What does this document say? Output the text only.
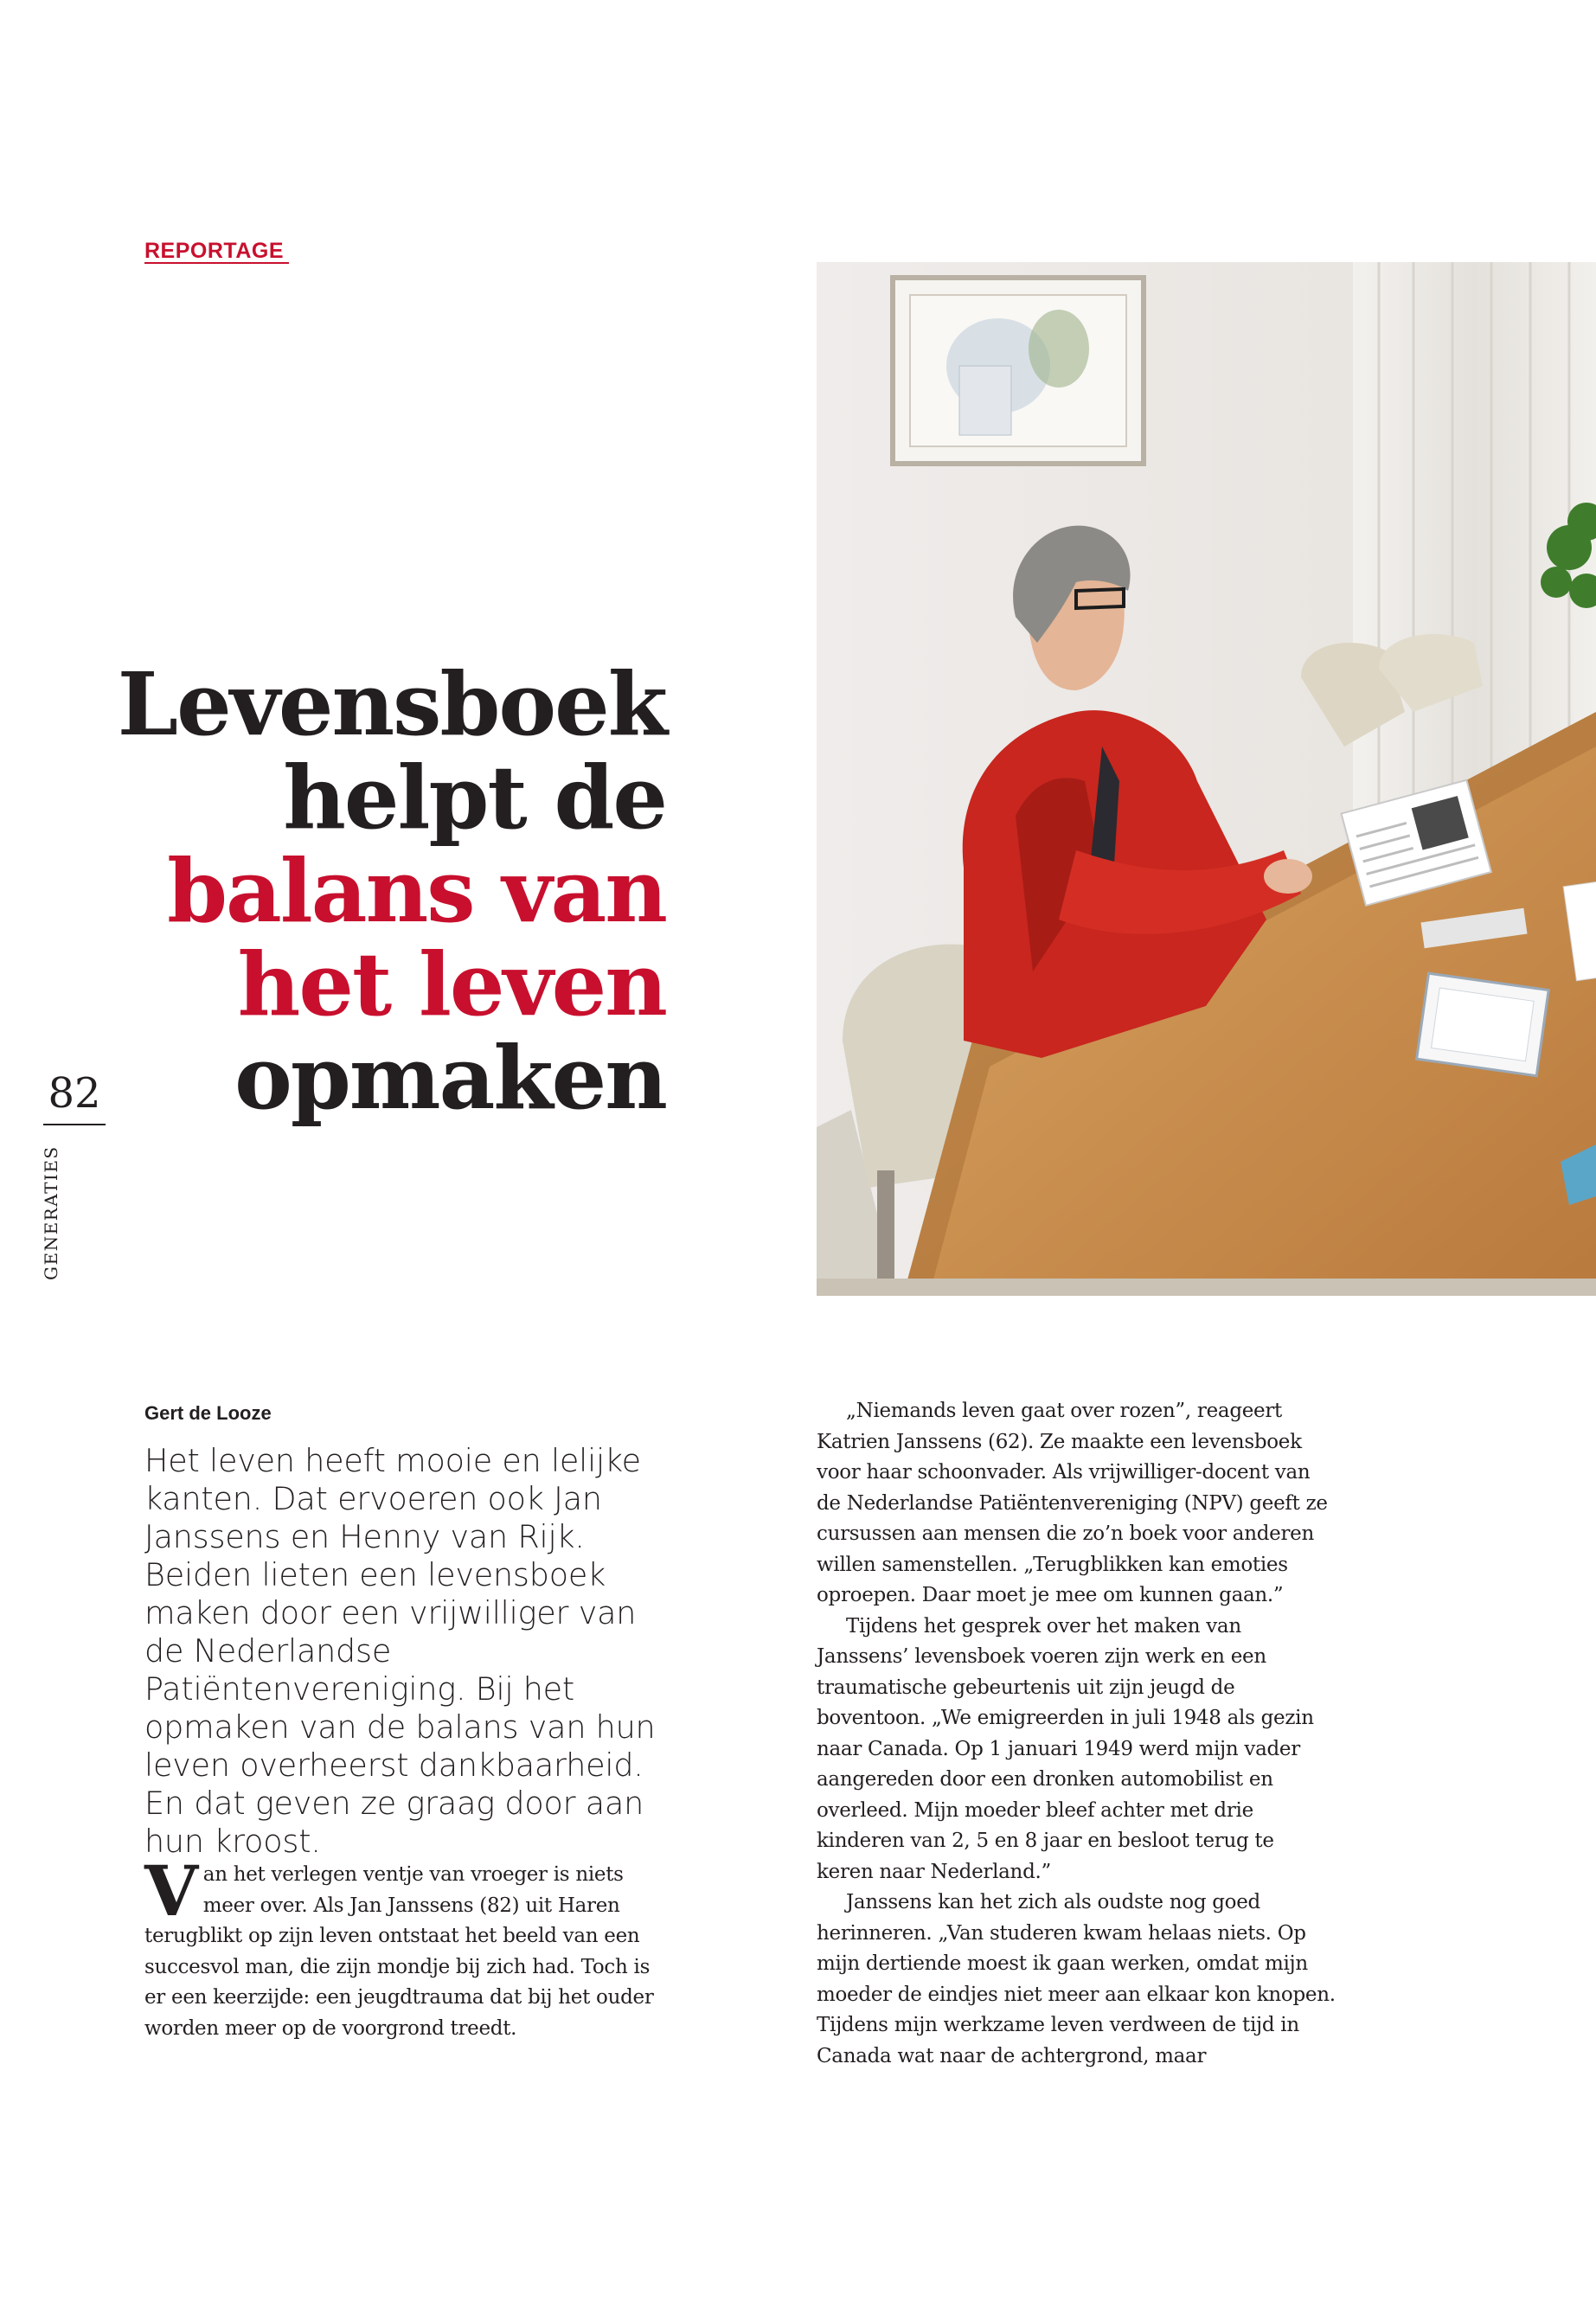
REPORTAGE
Levensboek
helpt de
balans van
het leven
opmaken
82
GENERATIES
Gert de Looze
Het leven heeft mooie en lelijke kanten. Dat ervoeren ook Jan Janssens en Henny van Rijk. Beiden lieten een levensboek maken door een vrijwilliger van de Nederlandse Patiëntenvereniging. Bij het opmaken van de balans van hun leven overheerst dankbaarheid. En dat geven ze graag door aan hun kroost.
V an het verlegen ventje van vroeger is niets meer over. Als Jan Janssens (82) uit Haren terugblikt op zijn leven ontstaat het beeld van een succesvol man, die zijn mondje bij zich had. Toch is er een keerzijde: een jeugdtrauma dat bij het ouder worden meer op de voorgrond treedt.

„Niemands leven gaat over rozen”, reageert Katrien Janssens (62). Ze maakte een levensboek voor haar schoonvader. Als vrijwilliger-docent van de Nederlandse Patiëntenvereniging (NPV) geeft ze cursussen aan mensen die zo’n boek voor anderen willen samenstellen. „Terugblikken kan emoties oproepen. Daar moet je mee om kunnen gaan.”

Tijdens het gesprek over het maken van Janssens’ levensboek voeren zijn werk en een traumatische gebeurtenis uit zijn jeugd de boventoon. „We emigreerden in juli 1948 als gezin naar Canada. Op 1 januari 1949 werd mijn vader aangereden door een dronken automobilist en overleed. Mijn moeder bleef achter met drie kinderen van 2, 5 en 8 jaar en besloot terug te keren naar Nederland.”

Janssens kan het zich als oudste nog goed herinneren. „Van studeren kwam helaas niets. Op mijn dertiende moest ik gaan werken, omdat mijn moeder de eindjes niet meer aan elkaar kon knopen. Tijdens mijn werkzame leven verdween de tijd in Canada wat naar de achtergrond, maar
